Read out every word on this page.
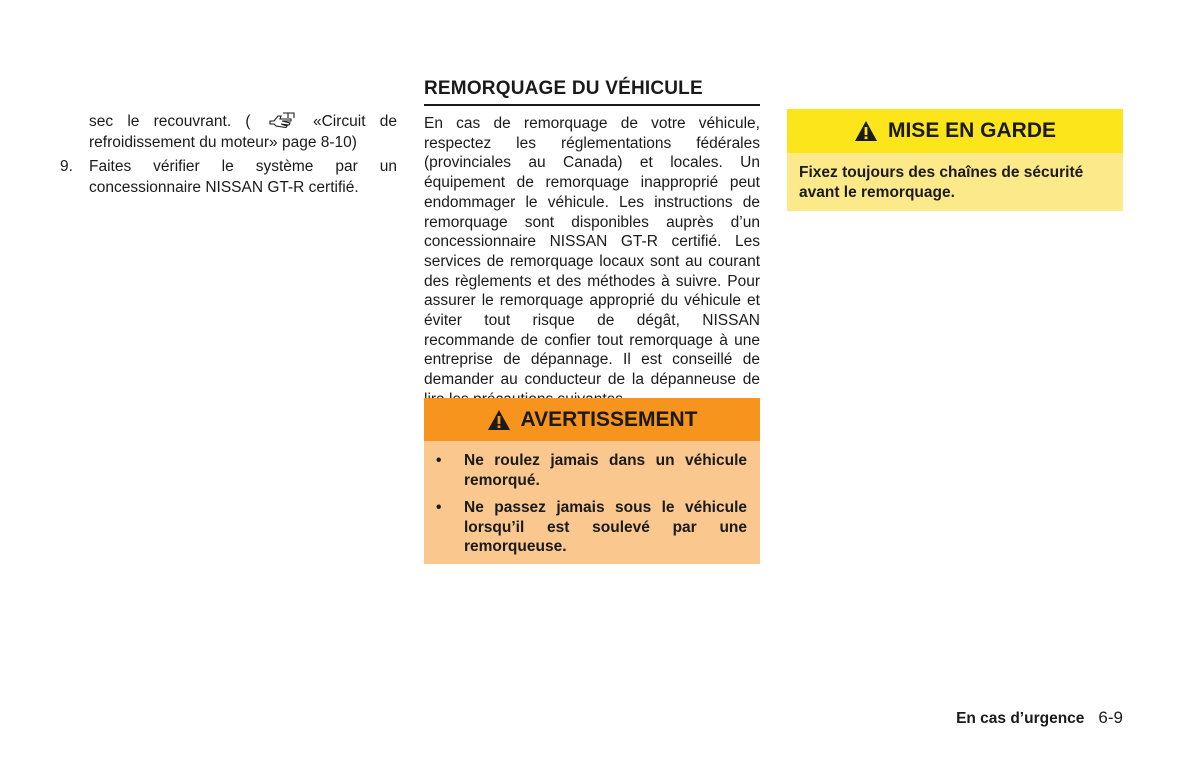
sec le recouvrant. (	«Circuit de refroidissement du moteur» page 8-10)
9.	Faites vérifier le système par un concessionnaire NISSAN GT-R certifié.
REMORQUAGE DU VÉHICULE
En cas de remorquage de votre véhicule, respectez les réglementations fédérales (provinciales au Canada) et locales. Un équipement de remorquage inapproprié peut endommager le véhicule. Les instructions de remorquage sont disponibles auprès d’un concessionnaire NISSAN GT-R certifié. Les services de remorquage locaux sont au courant des règlements et des méthodes à suivre. Pour assurer le remorquage approprié du véhicule et éviter tout risque de dégât, NISSAN recommande de confier tout remorquage à une entreprise de dépannage. Il est conseillé de demander au conducteur de la dépanneuse de
AVERTISSEMENT
•	Ne roulez jamais dans un véhicule remorqué.
•	Ne passez jamais sous le véhicule lorsqu’il est soulevé par une remorqueuse.
MISE EN GARDE
Fixez toujours des chaînes de sécurité avant le remorquage.
En cas d’urgence 6-9
